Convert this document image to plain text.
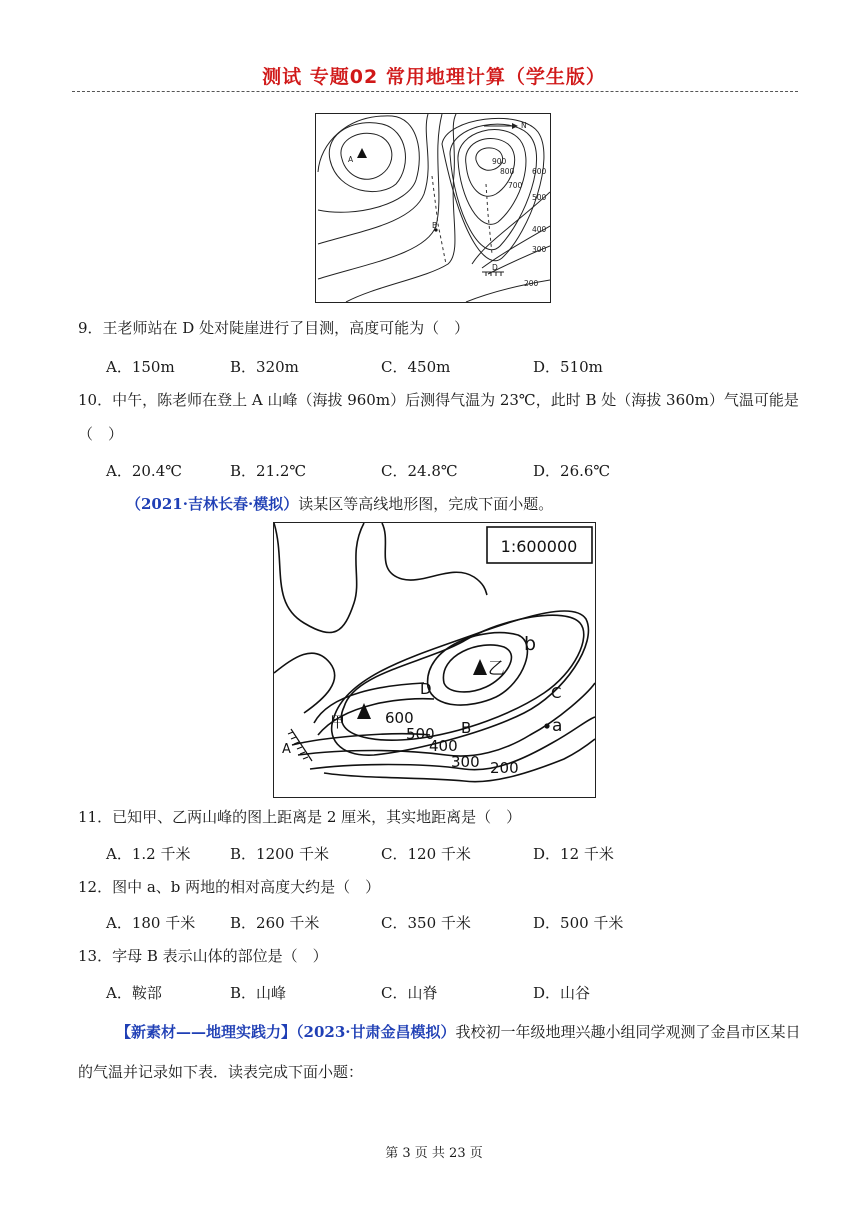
测试 专题02 常用地理计算（学生版）
N
A
B
D
900
800
700
600
500
400
300
200
9．王老师站在 D 处对陡崖进行了目测，高度可能为（　）
A．150m	B．320m	C．450m	D．510m
10．中午，陈老师在登上 A 山峰（海拔 960m）后测得气温为 23℃，此时 B 处（海拔 360m）气温可能是
（　）
A．20.4℃	B．21.2℃	C．24.8℃	D．26.6℃
（2021·吉林长春·模拟）读某区等高线地形图，完成下面小题。
1:600000
甲
乙
A
B
C
D
a
b
600
500
400
300 200
11．已知甲、乙两山峰的图上距离是 2 厘米，其实地距离是（　）
A．1.2 千米	B．1200 千米	C．120 千米	D．12 千米
12．图中 a、b 两地的相对高度大约是（　）
A．180 千米 B．260 千米	C．350 千米	D．500 千米
13．字母 B 表示山体的部位是（　）
A．鞍部	B．山峰	C．山脊	D．山谷
【新素材——地理实践力】（2023·甘肃金昌模拟）我校初一年级地理兴趣小组同学观测了金昌市区某日
的气温并记录如下表．读表完成下面小题：
第 3 页 共 23 页
